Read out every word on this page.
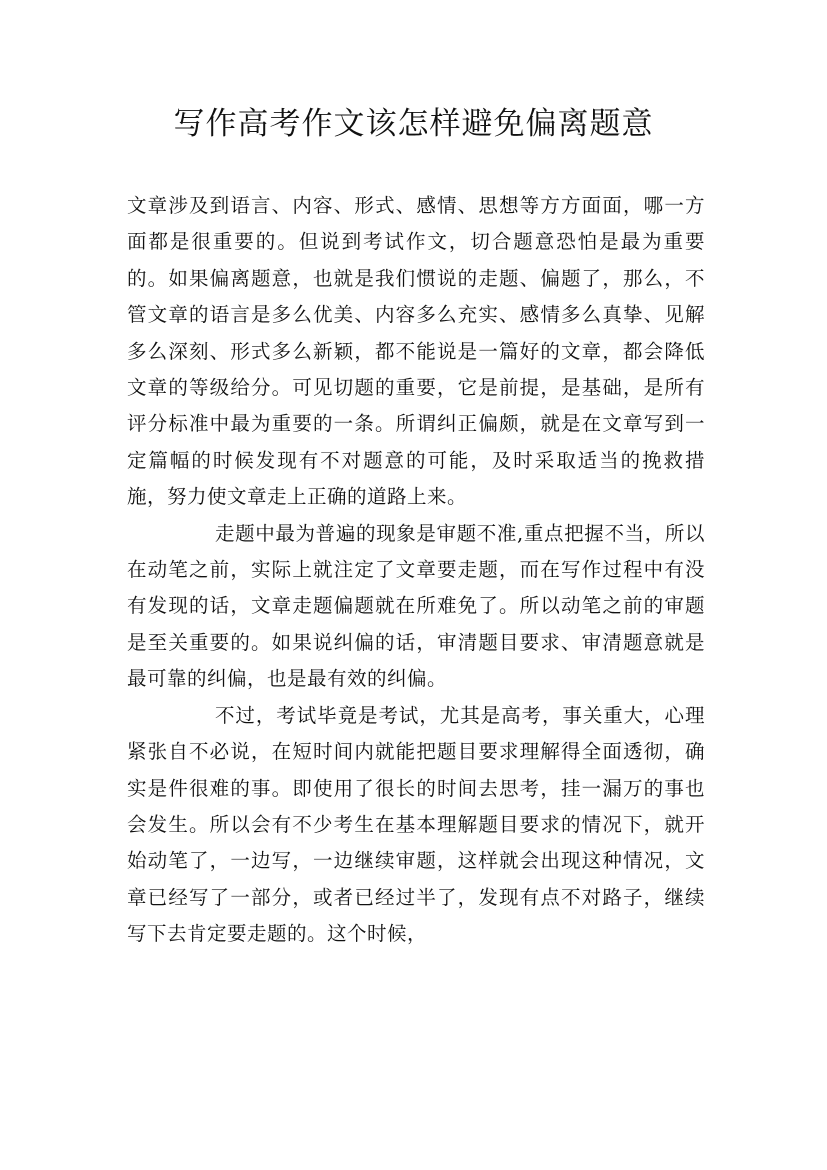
写作高考作文该怎样避免偏离题意

文章涉及到语言、内容、形式、感情、思想等方方面面，哪一方面都是很重要的。但说到考试作文，切合题意恐怕是最为重要的。如果偏离题意，也就是我们惯说的走题、偏题了，那么，不管文章的语言是多么优美、内容多么充实、感情多么真挚、见解多么深刻、形式多么新颖，都不能说是一篇好的文章，都会降低文章的等级给分。可见切题的重要，它是前提，是基础，是所有评分标准中最为重要的一条。所谓纠正偏颇，就是在文章写到一定篇幅的时候发现有不对题意的可能，及时采取适当的挽救措施，努力使文章走上正确的道路上来。

走题中最为普遍的现象是审题不准,重点把握不当，所以在动笔之前，实际上就注定了文章要走题，而在写作过程中有没有发现的话，文章走题偏题就在所难免了。所以动笔之前的审题是至关重要的。如果说纠偏的话，审清题目要求、审清题意就是最可靠的纠偏，也是最有效的纠偏。

不过，考试毕竟是考试，尤其是高考，事关重大，心理紧张自不必说，在短时间内就能把题目要求理解得全面透彻，确实是件很难的事。即使用了很长的时间去思考，挂一漏万的事也会发生。所以会有不少考生在基本理解题目要求的情况下，就开始动笔了，一边写，一边继续审题，这样就会出现这种情况，文章已经写了一部分，或者已经过半了，发现有点不对路子，继续写下去肯定要走题的。这个时候，
